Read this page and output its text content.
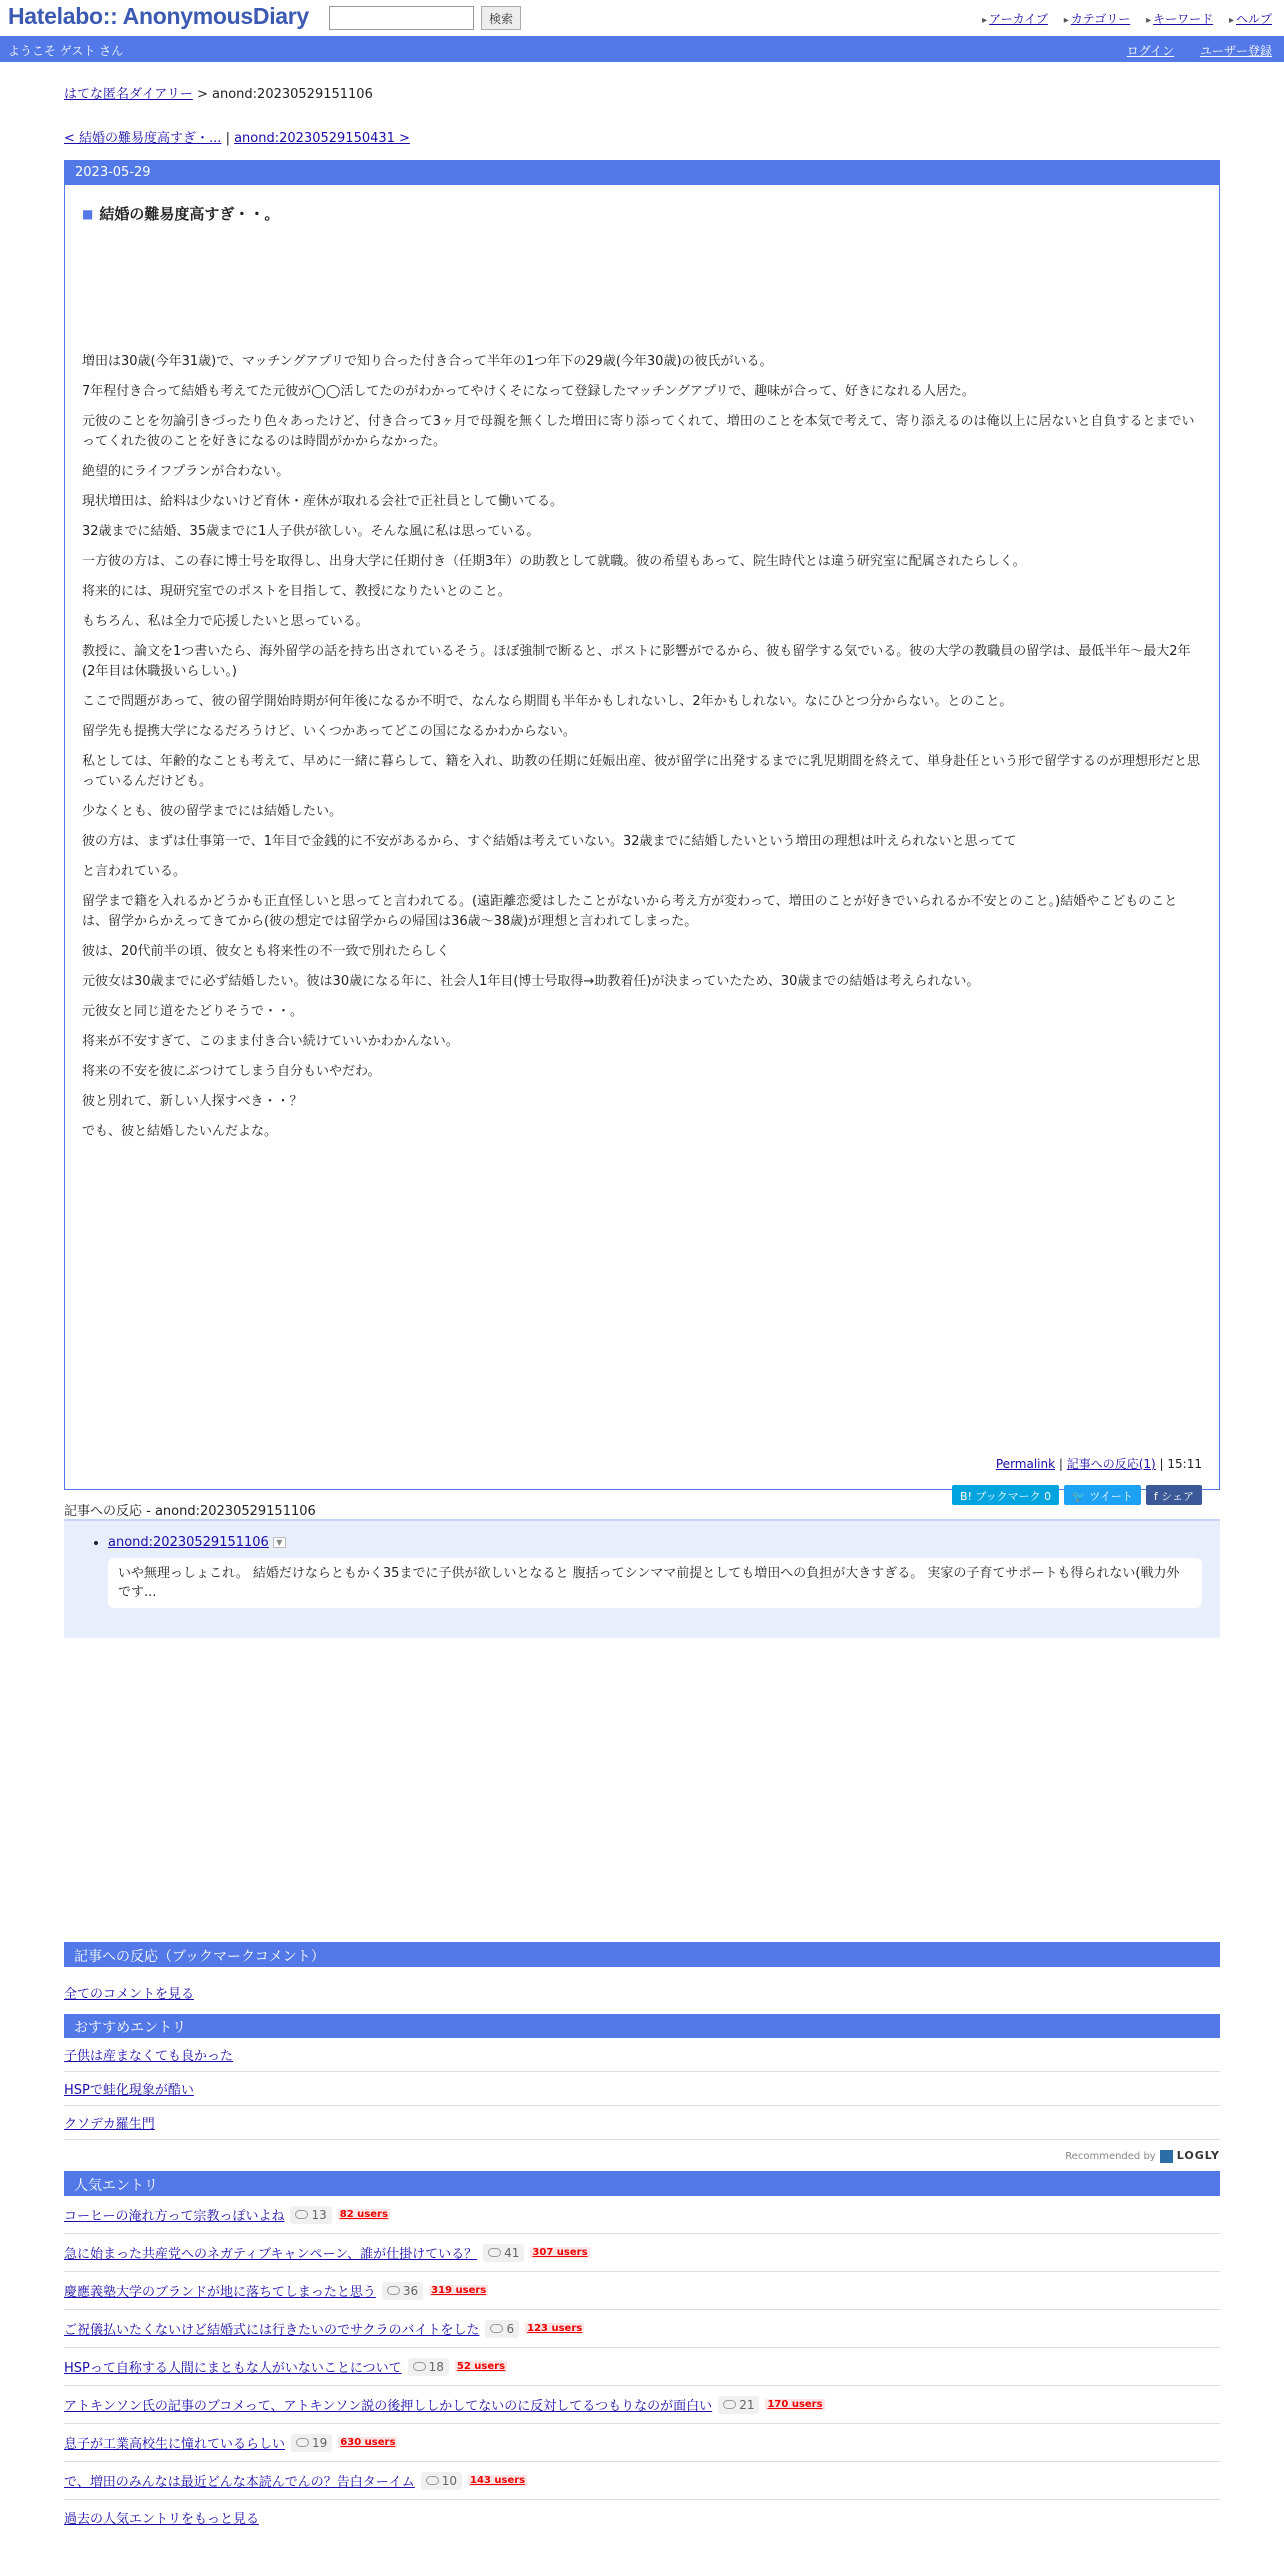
Hatelabo:: AnonymousDiary	検索	▸ アーカイブ ▸ カテゴリー ▸ キーワード ▸ ヘルプ
ようこそ ゲスト さん	ログイン ユーザー登録
はてな匿名ダイアリー > anond:20230529151106
< 結婚の難易度高すぎ・... | anond:20230529150431 >
2023-05-29
■ 結婚の難易度高すぎ・・。

増田は30歳(今年31歳)で、マッチングアプリで知り合った付き合って半年の1つ年下の29歳(今年30歳)の彼氏がいる。

7年程付き合って結婚も考えてた元彼が◯◯活してたのがわかってやけくそになって登録したマッチングアプリで、趣味が合って、好きになれる人居た。

元彼のことを勿論引きづったり色々あったけど、付き合って3ヶ月で母親を無くした増田に寄り添ってくれて、増田のことを本気で考えて、寄り添えるのは俺以上に居ないと自負するとまでいってくれた彼のことを好きになるのは時間がかからなかった。

絶望的にライフプランが合わない。

現状増田は、給料は少ないけど育休・産休が取れる会社で正社員として働いてる。

32歳までに結婚、35歳までに1人子供が欲しい。そんな風に私は思っている。

一方彼の方は、この春に博士号を取得し、出身大学に任期付き（任期3年）の助教として就職。彼の希望もあって、院生時代とは違う研究室に配属されたらしく。

将来的には、現研究室でのポストを目指して、教授になりたいとのこと。

もちろん、私は全力で応援したいと思っている。

教授に、論文を1つ書いたら、海外留学の話を持ち出されているそう。ほぼ強制で断ると、ポストに影響がでるから、彼も留学する気でいる。彼の大学の教職員の留学は、最低半年～最大2年(2年目は休職扱いらしい。)

ここで問題があって、彼の留学開始時期が何年後になるか不明で、なんなら期間も半年かもしれないし、2年かもしれない。なにひとつ分からない。とのこと。

留学先も提携大学になるだろうけど、いくつかあってどこの国になるかわからない。

私としては、年齢的なことも考えて、早めに一緒に暮らして、籍を入れ、助教の任期に妊娠出産、彼が留学に出発するまでに乳児期間を終えて、単身赴任という形で留学するのが理想形だと思っているんだけども。

少なくとも、彼の留学までには結婚したい。

彼の方は、まずは仕事第一で、1年目で金銭的に不安があるから、すぐ結婚は考えていない。32歳までに結婚したいという増田の理想は叶えられないと思ってて

と言われている。

留学まで籍を入れるかどうかも正直怪しいと思ってと言われてる。(遠距離恋愛はしたことがないから考え方が変わって、増田のことが好きでいられるか不安とのこと。)結婚やこどものことは、留学からかえってきてから(彼の想定では留学からの帰国は36歳～38歳)が理想と言われてしまった。

彼は、20代前半の頃、彼女とも将来性の不一致で別れたらしく

元彼女は30歳までに必ず結婚したい。彼は30歳になる年に、社会人1年目(博士号取得→助教着任)が決まっていたため、30歳までの結婚は考えられない。

元彼女と同じ道をたどりそうで・・。

将来が不安すぎて、このまま付き合い続けていいかわかんない。

将来の不安を彼にぶつけてしまう自分もいやだわ。

彼と別れて、新しい人探すべき・・？

でも、彼と結婚したいんだよな。

Permalink | 記事への反応(1) | 15:11
B! ブックマーク 0	🐦 ツイート	f シェア
記事への反応 - anond:20230529151106
• anond:20230529151106 ▼
いや無理っしょこれ。 結婚だけならともかく35までに子供が欲しいとなると 腹括ってシンママ前提としても増田への負担が大きすぎる。 実家の子育てサポートも得られない(戦力外です...
記事への反応（ブックマークコメント）
全てのコメントを見る
おすすめエントリ
子供は産まなくても良かった
HSPで蛙化現象が酷い
クソデカ羅生門
Recommended by LOGLY
人気エントリ
コーヒーの淹れ方って宗教っぽいよね 13 82 users
急に始まった共産党へのネガティブキャンペーン、誰が仕掛けている？ 41 307 users
慶應義塾大学のブランドが地に落ちてしまったと思う 36 319 users
ご祝儀払いたくないけど結婚式には行きたいのでサクラのバイトをした 6 123 users
HSPって自称する人間にまともな人がいないことについて 18 52 users
アトキンソン氏の記事のブコメって、アトキンソン説の後押ししかしてないのに反対してるつもりなのが面白い 21 170 users
息子が工業高校生に憧れているらしい 19 630 users
で、増田のみんなは最近どんな本読んでんの？告白ターイム 10 143 users
過去の人気エントリをもっと見る
